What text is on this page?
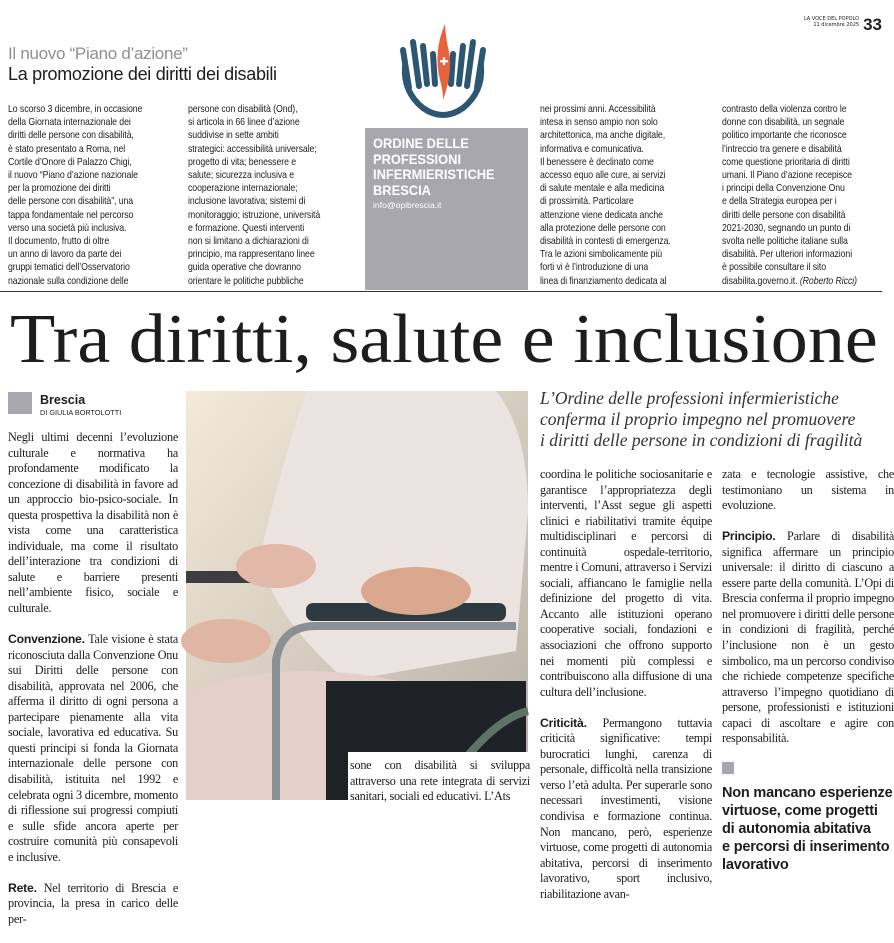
LA VOCE DEL POPOLO
11 dicembre 2025 33
Il nuovo “Piano d’azione”
La promozione dei diritti dei disabili
Lo scorso 3 dicembre, in occasione
della Giornata internazionale dei
diritti delle persone con disabilità,
è stato presentato a Roma, nel
Cortile d’Onore di Palazzo Chigi,
il nuovo “Piano d’azione nazionale
per la promozione dei diritti
delle persone con disabilità”, una
tappa fondamentale nel percorso
verso una società più inclusiva.
Il documento, frutto di oltre
un anno di lavoro da parte dei
gruppi tematici dell’Osservatorio
nazionale sulla condizione delle
persone con disabilità (Ond),
si articola in 66 linee d’azione
suddivise in sette ambiti
strategici: accessibilità universale;
progetto di vita; benessere e
salute; sicurezza inclusiva e
cooperazione internazionale;
inclusione lavorativa; sistemi di
monitoraggio; istruzione, università
e formazione. Questi interventi
non si limitano a dichiarazioni di
principio, ma rappresentano linee
guida operative che dovranno
orientare le politiche pubbliche
nei prossimi anni. Accessibilità
intesa in senso ampio non solo
architettonica, ma anche digitale,
informativa e comunicativa.
Il benessere è declinato come
accesso equo alle cure, ai servizi
di salute mentale e alla medicina
di prossimità. Particolare
attenzione viene dedicata anche
alla protezione delle persone con
disabilità in contesti di emergenza.
Tra le azioni simbolicamente più
forti vi è l’introduzione di una
linea di finanziamento dedicata al
contrasto della violenza contro le
donne con disabilità, un segnale
politico importante che riconosce
l’intreccio tra genere e disabilità
come questione prioritaria di diritti
umani. Il Piano d’azione recepisce
i principi della Convenzione Onu
e della Strategia europea per i
diritti delle persone con disabilità
2021-2030, segnando un punto di
svolta nelle politiche italiane sulla
disabilità. Per ulteriori informazioni
è possibile consultare il sito
disabilita.governo.it. (Roberto Ricci)
ORDINE DELLE
PROFESSIONI
INFERMIERISTICHE
BRESCIA
info@opibrescia.it
Tra diritti, salute e inclusione
Brescia
DI GIULIA BORTOLOTTI

Negli ultimi decenni l’evoluzione culturale e normativa ha profondamente modificato la concezione di disabilità in favore ad un approccio bio-psico-sociale. In questa prospettiva la disabilità non è vista come una caratteristica individuale, ma come il risultato dell’interazione tra condizioni di salute e barriere presenti nell’ambiente fisico, sociale e culturale.

Convenzione. Tale visione è stata riconosciuta dalla Convenzione Onu sui Diritti delle persone con disabilità, approvata nel 2006, che afferma il diritto di ogni persona a partecipare pienamente alla vita sociale, lavorativa ed educativa. Su questi principi si fonda la Giornata internazionale delle persone con disabilità, istituita nel 1992 e celebrata ogni 3 dicembre, momento di riflessione sui progressi compiuti e sulle sfide ancora aperte per costruire comunità più consapevoli e inclusive.

Rete. Nel territorio di Brescia e provincia, la presa in carico delle per-

sone con disabilità si sviluppa attraverso una rete integrata di servizi sanitari, sociali ed educativi. L’Ats
L’Ordine delle professioni infermieristiche
conferma il proprio impegno nel promuovere
i diritti delle persone in condizioni di fragilità

coordina le politiche sociosanitarie e garantisce l’appropriatezza degli interventi, l’Asst segue gli aspetti clinici e riabilitativi tramite équipe multidisciplinari e percorsi di continuità ospedale-territorio, mentre i Comuni, attraverso i Servizi sociali, affiancano le famiglie nella definizione del progetto di vita. Accanto alle istituzioni operano cooperative sociali, fondazioni e associazioni che offrono supporto nei momenti più complessi e contribuiscono alla diffusione di una cultura dell’inclusione.

Criticità. Permangono tuttavia criticità significative: tempi burocratici lunghi, carenza di personale, difficoltà nella transizione verso l’età adulta. Per superarle sono necessari investimenti, visione condivisa e formazione continua. Non mancano, però, esperienze virtuose, come progetti di autonomia abitativa, percorsi di inserimento lavorativo, sport inclusivo, riabilitazione avan-

zata e tecnologie assistive, che testimoniano un sistema in evoluzione.

Principio. Parlare di disabilità significa affermare un principio universale: il diritto di ciascuno a essere parte della comunità. L’Opi di Brescia conferma il proprio impegno nel promuovere i diritti delle persone in condizioni di fragilità, perché l’inclusione non è un gesto simbolico, ma un percorso condiviso che richiede competenze specifiche attraverso l’impegno quotidiano di persone, professionisti e istituzioni capaci di ascoltare e agire con responsabilità.

Non mancano esperienze
virtuose, come progetti
di autonomia abitativa
e percorsi di inserimento
lavorativo
